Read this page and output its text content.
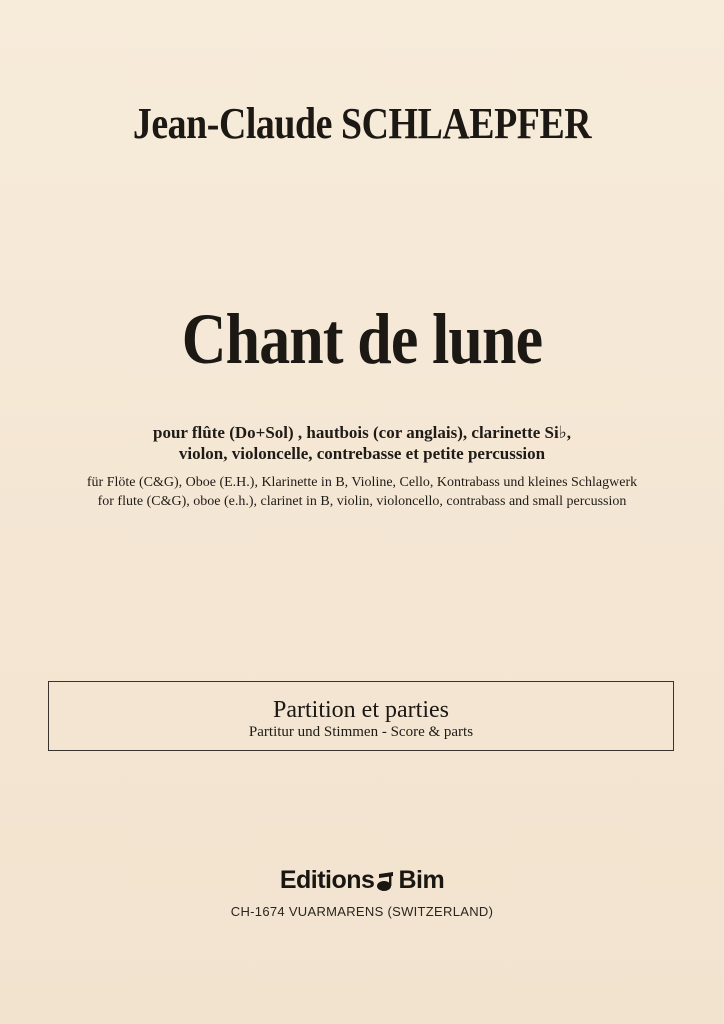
Jean-Claude SCHLAEPFER
Chant de lune
pour flûte (Do+Sol) , hautbois (cor anglais), clarinette Si♭,
violon, violoncelle, contrebasse et petite percussion
für Flöte (C&G), Oboe (E.H.), Klarinette in B, Violine, Cello, Kontrabass und kleines Schlagwerk
for flute (C&G), oboe (e.h.), clarinet in B, violin, violoncello, contrabass and small percussion
Partition et parties
Partitur und Stimmen - Score & parts
Editions Bim
CH-1674 VUARMARENS (SWITZERLAND)
